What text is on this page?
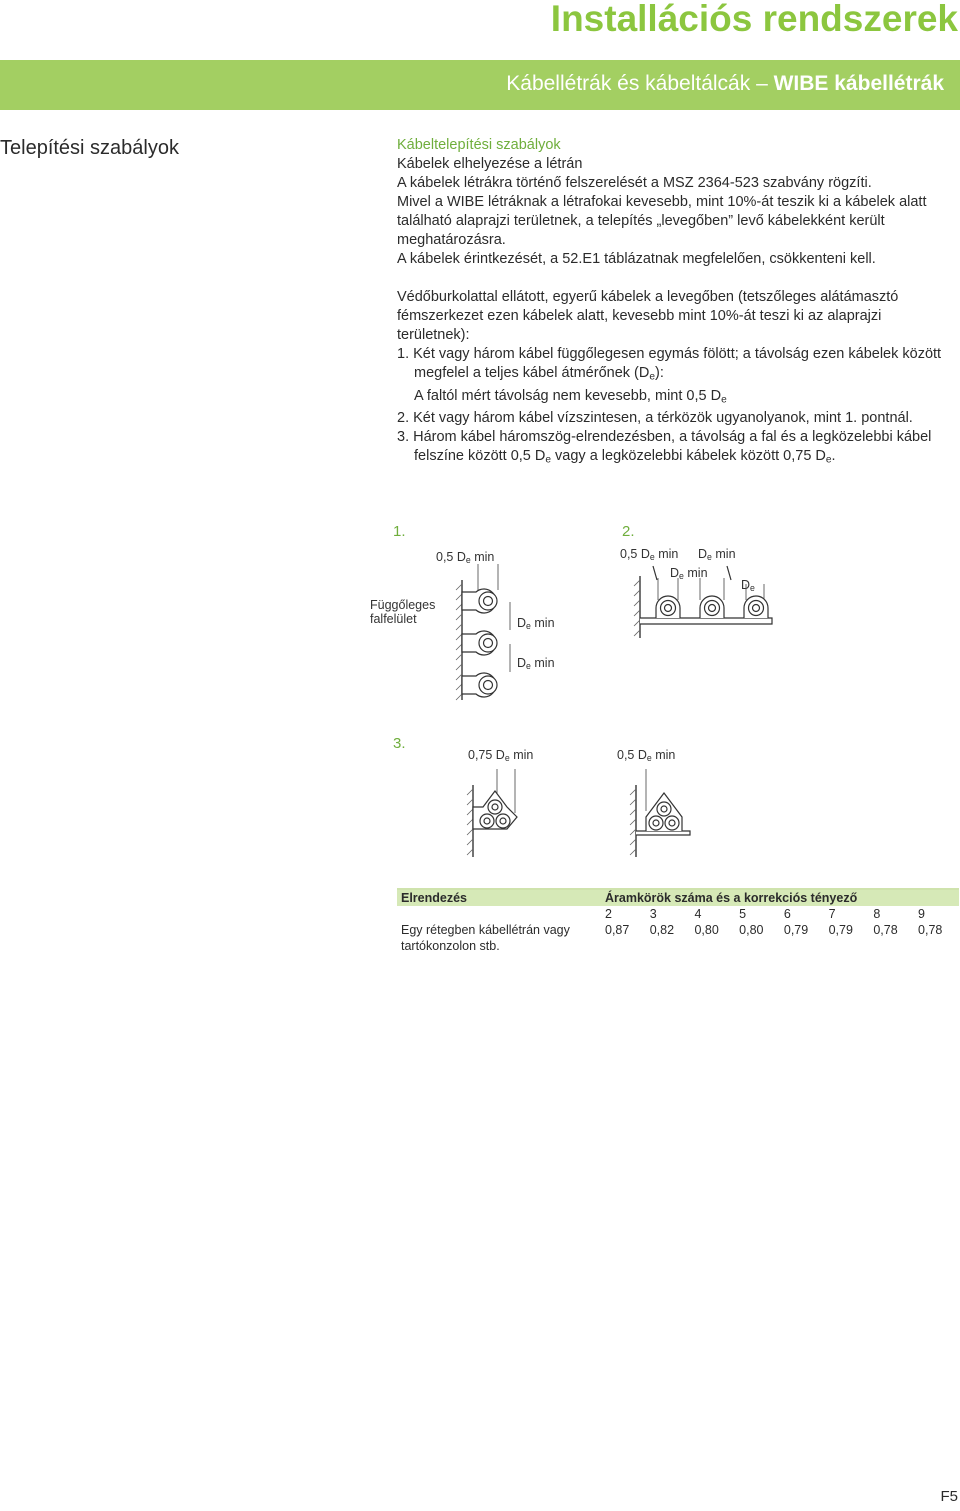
Installációs rendszerek
Kábellétrák és kábeltálcák – WIBE kábellétrák
Telepítési szabályok	Kábeltelepítési szabályok

Kábelek elhelyezése a létrán

A kábelek létrákra történő felszerelését a MSZ 2364-523 szabvány rögzíti.

Mivel a WIBE létráknak a létrafokai kevesebb, mint 10%-át teszik ki a kábelek alatt található alaprajzi területnek, a telepítés „levegőben” levő kábelekként került meghatározásra.

A kábelek érintkezését, a 52.E1 táblázatnak megfelelően, csökkenteni kell.

Védőburkolattal ellátott, egyerű kábelek a levegőben (tetszőleges alátámasztó fémszerkezet ezen kábelek alatt, kevesebb mint 10%-át teszi ki az alaprajzi területnek):

1. Két vagy három kábel függőlegesen egymás fölött; a távolság ezen kábelek között megfelel a teljes kábel átmérőnek $(D_e)$:

A faltól mért távolság nem kevesebb, mint 0,5 $D_e$

2. Két vagy három kábel vízszintesen, a térközök ugyanolyanok, mint 1. pontnál.

3. Három kábel háromszög-elrendezésben, a távolság a fal és a legközelebbi kábel felszíne között 0,5 $D_e$ vagy a legközelebbi kábelek között 0,75 $D_e$.

1.
0,5 $D_e$ min
Függőleges
falfelület	$D_e$ min
$D_e$ min
2.
0,5 $D_e$ $\min D_e$ min
$D_e$ min
$D_e$
3.
0,75 $D_e$ min	0,5 $D_e$ min
Elrendezés	Áramkörök száma és a korrekciós tényező							
	2	3	4	5	6	7	8	9
Egy rétegben kábellétrán vagy
tartókonzolon stb.	0,87	0,82	0,80	0,80	0,79	0,79	0,78	0,78
F5
